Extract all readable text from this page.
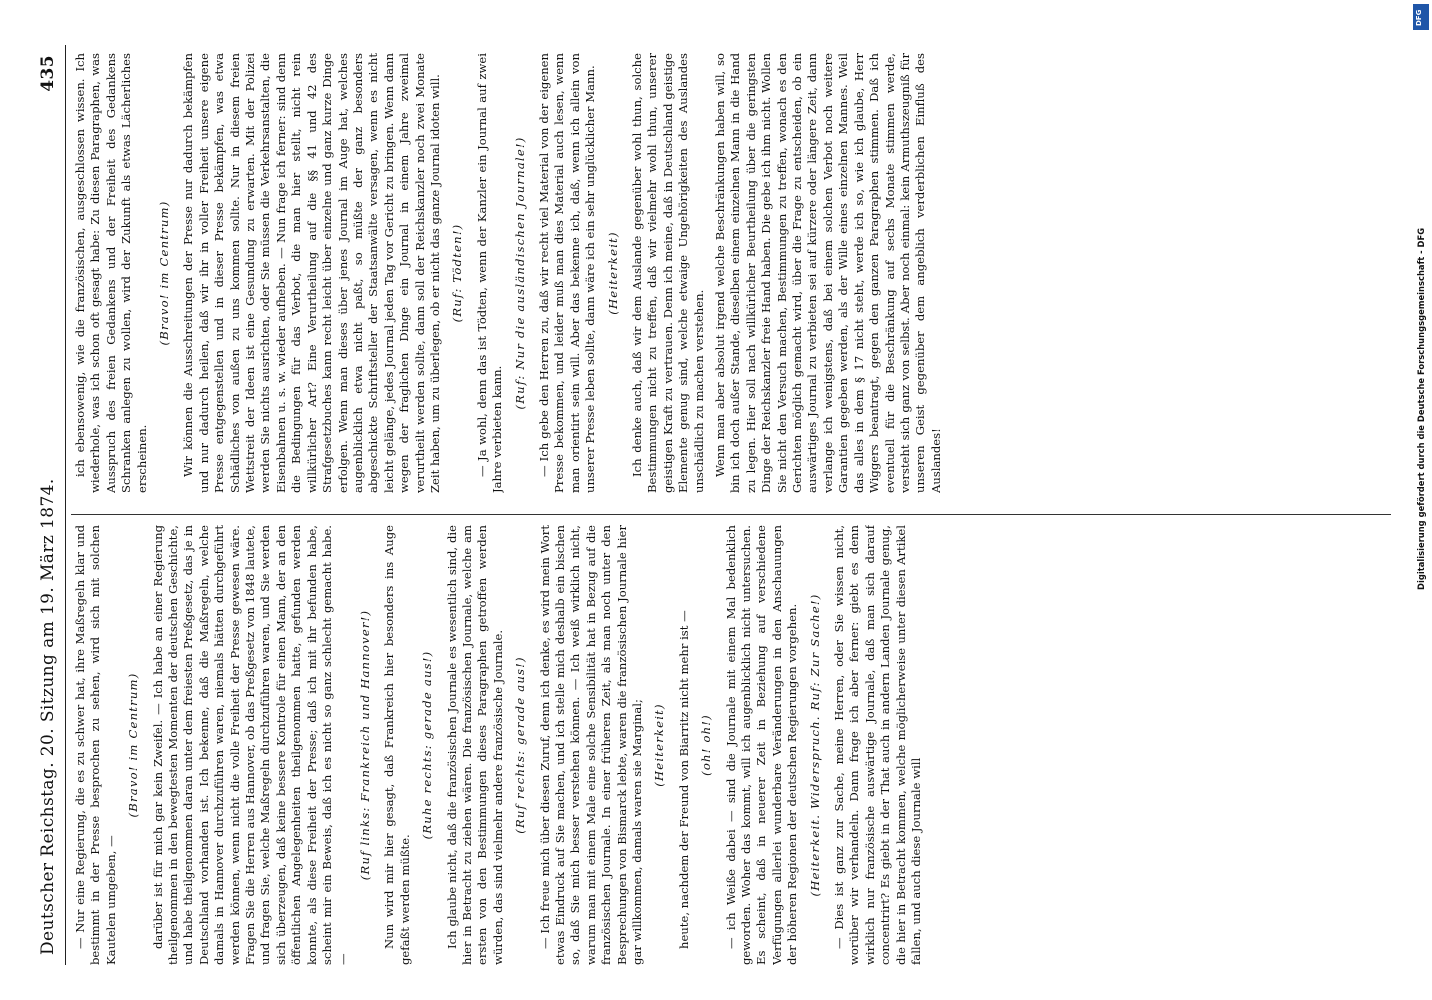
Deutscher Reichstag. 20. Sitzung am 19. März 1874.
435

— Nur eine Regierung, die es zu schwer hat, ihre Maßregeln klar und bestimmt in der Presse besprochen zu sehen, wird sich mit solchen Kautelen umgeben, —

(Bravo! im Centrum) darüber ist für mich gar kein Zweifel. — Ich habe an einer Regierung theilgenommen in den bewegtesten Momenten der deutschen Geschichte, und habe theilgenommen daran unter dem freiesten Preßgesetz, das je in Deutschland vorhanden ist. Ich bekenne, daß die Maßregeln, welche damals in Hannover durchzuführen waren, niemals hätten durchgeführt werden können, wenn nicht die volle Freiheit der Presse gewesen wäre. Fragen Sie die Herren aus Hannover, ob das Preßgesetz von 1848 lautete, und fragen Sie, welche Maßregeln durchzuführen waren, und Sie werden sich überzeugen, daß keine bessere Kontrole für einen Mann, der an den öffentlichen Angelegenheiten theilgenommen hatte, gefunden werden konnte, als diese Freiheit der Presse; daß ich mit ihr befunden habe, scheint mir ein Beweis, daß ich es nicht so ganz schlecht gemacht habe. —

(Ruf links: Frankreich und Hannover!) Nun wird mir hier gesagt, daß Frankreich hier besonders ins Auge gefaßt werden müßte.

(Ruhe rechts: gerade aus!) Ich glaube nicht, daß die französischen Journale es wesentlich sind, die hier in Betracht zu ziehen wären. Die französischen Journale, welche am ersten von den Bestimmungen dieses Paragraphen getroffen werden würden, das sind vielmehr andere französische Journale. (Ruf rechts: gerade aus!) — Ich freue mich über diesen Zuruf, denn ich denke, es wird mein Wort etwas Eindruck auf Sie machen, und ich stelle mich deshalb ein bischen so, daß Sie mich besser verstehen können. — Ich weiß wirklich nicht, warum man mit einem Male eine solche Sensibilität hat in Bezug auf die französischen Journale. In einer früheren Zeit, als man noch unter den Besprechungen von Bismarck lebte, waren die französischen Journale hier gar willkommen, damals waren sie Marginal; (Heiterkeit) heute, nachdem der Freund von Biarritz nicht mehr ist — (oh! oh!) — ich Weiße dabei — sind die Journale mit einem Mal bedenklich geworden. Woher das kommt, will ich augenblicklich nicht untersuchen. Es scheint, daß in neuerer Zeit in Beziehung auf verschiedene Verfügungen allerlei wunderbare Veränderungen in den Anschauungen der höheren Regionen der deutschen Regierungen vorgehen. (Heiterkeit. Widerspruch. Ruf: Zur Sache!) — Dies ist ganz zur Sache, meine Herren, oder Sie wissen nicht, worüber wir verhandeln. Dann frage ich aber ferner: giebt es denn wirklich nur französische auswärtige Journale, daß man sich darauf concentrirt? Es giebt in der That auch in andern Landen Journale genug, die hier in Betracht kommen, welche möglicherweise unter diesen Artikel fallen, und auch diese Journale will

ich ebensowenig, wie die französischen, ausgeschlossen wissen. Ich wiederhole, was ich schon oft gesagt habe: Zu diesen Paragraphen, was Ausspruch des freien Gedankens und der Freiheit des Gedankens Schranken anlegen zu wollen, wird der Zukunft als etwas Lächerliches erscheinen.

(Bravo! im Centrum) Wir können die Ausschreitungen der Presse nur dadurch bekämpfen und nur dadurch heilen, daß wir ihr in voller Freiheit unsere eigene Presse entgegenstellen und in dieser Presse bekämpfen, was etwa Schädliches von außen zu uns kommen sollte. Nur in diesem freien Wettstreit der Ideen ist eine Gesundung zu erwarten. Mit der Polizei werden Sie nichts ausrichten, oder Sie müssen die Verkehrsanstalten, die Eisenbahnen u. s. w. wieder aufheben. — Nun frage ich ferner: sind denn die Bedingungen für das Verbot, die man hier stellt, nicht rein willkürlicher Art? Eine Verurtheilung auf die §§ 41 und 42 des Strafgesetzbuches kann recht leicht über einzelne und ganz kurze Dinge erfolgen. Wenn man dieses über jenes Journal im Auge hat, welches augenblicklich etwa nicht paßt, so müßte der ganz besonders abgeschickte Schriftsteller der Staatsanwälte versagen, wenn es nicht leicht gelänge, jedes Journal jeden Tag vor Gericht zu bringen. Wenn dann wegen der fraglichen Dinge ein Journal in einem Jahre zweimal verurtheilt werden sollte, dann soll der Reichskanzler noch zwei Monate Zeit haben, um zu überlegen, ob er nicht das ganze Journal idoten will. (Ruf: Tödten!) — Ja wohl, denn das ist Tödten, wenn der Kanzler ein Journal auf zwei Jahre verbieten kann.

(Ruf: Nur die ausländischen Journale!) — Ich gebe den Herren zu, daß wir recht viel Material von der eigenen Presse bekommen, und leider muß man dies Material auch lesen, wenn man orientirt sein will. Aber das bekenne ich, daß, wenn ich allein von unserer Presse leben sollte, dann wäre ich ein sehr unglücklicher Mann. (Heiterkeit) Ich denke auch, daß wir dem Auslande gegenüber wohl thun, solche Bestimmungen nicht zu treffen, daß wir vielmehr wohl thun, unserer geistigen Kraft zu vertrauen. Denn ich meine, daß in Deutschland geistige Elemente genug sind, welche etwaige Ungehörigkeiten des Auslandes unschädlich zu machen verstehen. Wenn man aber absolut irgend welche Beschränkungen haben will, so bin ich doch außer Stande, dieselben einem einzelnen Mann in die Hand zu legen. Hier soll nach willkürlicher Beurtheilung über die geringsten Dinge der Reichskanzler freie Hand haben. Die gebe ich ihm nicht. Wollen Sie nicht den Versuch machen, Bestimmungen zu treffen, wonach es den Gerichten möglich gemacht wird, über die Frage zu entscheiden, ob ein auswärtiges Journal zu verbieten sei auf kürzere oder längere Zeit, dann verlange ich wenigstens, daß bei einem solchen Verbot noch weitere Garantien gegeben werden, als der Wille eines einzelnen Mannes. Weil das alles in dem § 17 nicht steht, werde ich so, wie ich glaube, Herr Wiggers beantragt, gegen den ganzen Paragraphen stimmen. Daß ich eventuell für die Beschränkung auf sechs Monate stimmen werde, versteht sich ganz von selbst. Aber noch einmal: kein Armuthszeugniß für unseren Geist gegenüber dem angeblich verderblichen Einfluß des Auslandes!

DFG
Digitalisierung gefördert durch die Deutsche Forschungsgemeinschaft - DFG
